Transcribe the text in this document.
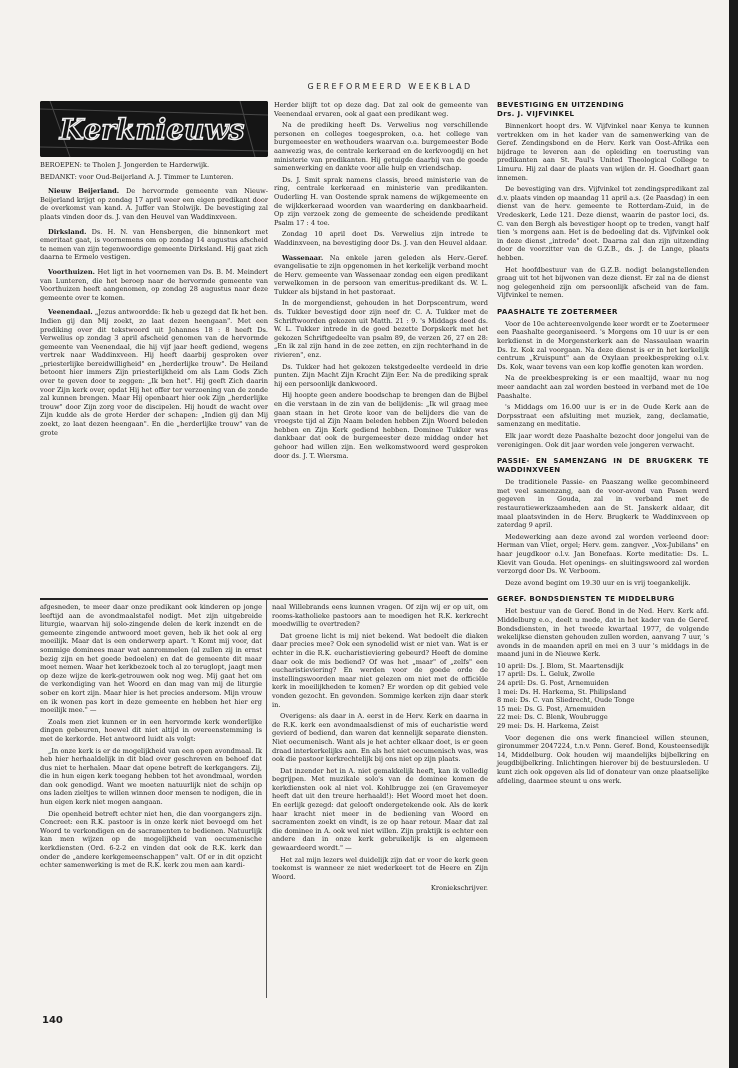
GEREFORMEERD WEEKBLAD
Kerknieuws

BEROEPEN: te Tholen J. Jongerden te Harderwijk.

BEDANKT: voor Oud-Beijerland A. J. Timmer te Lunteren.

Nieuw Beijerland. De hervormde gemeente van Nieuw-Beijerland krijgt op zondag 17 april weer een eigen predikant door de overkomst van kand. A. Juffer van Stolwijk. De bevestiging zal plaats vinden door ds. J. van den Heuvel van Waddinxveen.

Dirksland. Ds. H. N. van Hensbergen, die binnenkort met emeritaat gaat, is voornemens om op zondag 14 augustus afscheid te nemen van zijn tegenwoordige gemeente Dirksland. Hij gaat zich daarna te Ermelo vestigen.

Voorthuizen. Het ligt in het voornemen van Ds. B. M. Meindert van Lunteren, die het beroep naar de hervormde gemeente van Voorthuizen heeft aangenomen, op zondag 28 augustus naar deze gemeente over te komen.

Veenendaal. „Jezus antwoordde: Ik heb u gezegd dat Ik het ben. Indien gij dan Mij zoekt, zo laat dezen heengaan". Met een prediking over dit tekstwoord uit Johannes 18 : 8 heeft Ds. Verwelius op zondag 3 april afscheid genomen van de hervormde gemeente van Veenendaal, die hij vijf jaar heeft gediend, wegens vertrek naar Waddinxveen. Hij heeft daarbij gesproken over „priesterlijke bereidwilligheid" en „herderlijke trouw". De Heiland betoont hier immers Zijn priesterlijkheid om als Lam Gods Zich over te geven door te zeggen: „Ik ben het". Hij geeft Zich daarin voor Zijn kerk over, opdat Hij het offer ter verzoening van de zonde zal kunnen brengen. Maar Hij openbaart hier ook Zijn „herderlijke trouw" door Zijn zorg voor de discipelen. Hij houdt de wacht over Zijn kudde als de grote Herder der schapen: „Indien gij dan Mij zoekt, zo laat dezen heengaan". En die „herderlijke trouw" van de grote

Herder blijft tot op deze dag. Dat zal ook de gemeente van Veenendaal ervaren, ook al gaat een predikant weg.

Na de prediking heeft Ds. Verwelius nog verschillende personen en colleges toegesproken, o.a. het college van burgemeester en wethouders waarvan o.a. burgemeester Bode aanwezig was, de centrale kerkeraad en de kerkvoogdij en het ministerie van predikanten. Hij getuigde daarbij van de goede samenwerking en dankte voor alle hulp en vriendschap.

Ds. J. Smit sprak namens classis, breed ministerie van de ring, centrale kerkeraad en ministerie van predikanten. Ouderling H. van Oostende sprak namens de wijkgemeente en de wijkkerkeraad woorden van waardering en dankbaarheid. Op zijn verzoek zong de gemeente de scheidende predikant Psalm 17 : 4 toe.

Zondag 10 april doet Ds. Verwelius zijn intrede te Waddinxveen, na bevestiging door Ds. J. van den Heuvel aldaar.

Wassenaar. Na enkele jaren geleden als Herv.-Geref. evangelisatie te zijn opgenomen in het kerkelijk verband mocht de Herv. gemeente van Wassenaar zondag een eigen predikant verwelkomen in de persoon van emeritus-predikant ds. W. L. Tukker als bijstand in het pastoraat.

In de morgendienst, gehouden in het Dorpscentrum, werd ds. Tukker bevestigd door zijn neef dr. C. A. Tukker met de Schriftwoorden gekozen uit Matth. 21 : 9. 's Middags deed ds. W. L. Tukker intrede in de goed bezette Dorpskerk met het gekozen Schriftgedeelte van psalm 89, de verzen 26, 27 en 28: „En ik zal zijn hand in de zee zetten, en zijn rechterhand in de rivieren", enz.

Ds. Tukker had het gekozen tekstgedeelte verdeeld in drie punten. Zijn Macht Zijn Kracht Zijn Eer. Na de prediking sprak hij een persoonlijk dankwoord.

Hij hoopte geen andere boodschap te brengen dan de Bijbel en die verstaan in de zin van de belijdenis: „Ik wil graag mee gaan staan in het Grote koor van de belijders die van de vroegste tijd al Zijn Naam beleden hebben Zijn Woord beleden hebben en Zijn Kerk gediend hebben. Dominee Tukker was dankbaar dat ook de burgemeester deze middag onder het gehoor had willen zijn. Een welkomstwoord werd gesproken door ds. J. T. Wiersma.

afgesneden, te meer daar onze predikant ook kinderen op jonge leeftijd aan de avondmaalstafel nodigt. Met zijn uitgebreide liturgie, waarvan hij solo-zingende delen de kerk inzendt en de gemeente zingende antwoord moet geven, heb ik het ook al erg moeilijk. Maar dat is een onderwerp apart. 't Komt mij voor, dat sommige dominees maar wat aanrommelen (al zullen zij in ernst bezig zijn en het goede bedoelen) en dat de gemeente dit maar moet nemen. Waar het kerkbezoek toch al zo teruglopt, jaagt men op deze wijze de kerk-getrouwen ook nog weg. Mij gaat het om de verkondiging van het Woord en dan mag van mij de liturgie sober en kort zijn. Maar hier is het precies andersom. Mijn vrouw en ik wonen pas kort in deze gemeente en hebben het hier erg moeilijk mee." —

Zoals men ziet kunnen er in een hervormde kerk wonderlijke dingen gebeuren, hoewel dit niet altijd in overeenstemming is met de kerkorde. Het antwoord luidt als volgt:

„In onze kerk is er de mogelijkheid van een open avondmaal. Ik heb hier herhaaldelijk in dit blad over geschreven en behoef dat dus niet te herhalen. Maar dat opene betreft de kerkgangers. Zij, die in hun eigen kerk toegang hebben tot het avondmaal, worden dan ook genodigd. Want we moeten natuurlijk niet de schijn op ons laden zieltjes te willen winnen door mensen te nodigen, die in hun eigen kerk niet mogen aangaan.

Die openheid betreft echter niet hen, die dan voorgangers zijn. Concreet: een R.K. pastoor is in onze kerk niet bevoegd om het Woord te verkondigen en de sacramenten te bedienen. Natuurlijk kan men wijzen op de mogelijkheid van oecumenische kerkdiensten (Ord. 6-2-2 en vinden dat ook de R.K. kerk dan onder de „andere kerkgemeenschappen" valt. Of er in dit opzicht echter samenwerking is met de R.K. kerk zou men aan kardi-

naal Willebrands eens kunnen vragen. Of zijn wij er op uit, om rooms-katholieke pastoors aan te moedigen het R.K. kerkrecht moedwillig te overtreden?

Dat groene licht is mij niet bekend. Wat bedoelt die diaken daar precies mee? Ook een synodelid wist er niet van. Wat is er echter in die R.K. eucharistieviering gebeurd? Heeft de domine daar ook de mis bediend? Of was het „maar" of „zelfs" een eucharistieviering? En werden voor de goede orde de instellingswoorden maar niet gelezen om niet met de officiële kerk in moeilijkheden te komen? Er worden op dit gebied vele vonden gezocht. En gevonden. Sommige kerken zijn daar sterk in.

Overigens: als daar in A. eerst in de Herv. Kerk en daarna in de R.K. kerk een avondmaalsdienst of mis of eucharistie werd gevierd of bediend, dan waren dat kennelijk separate diensten. Niet oecumenisch. Want als je het achter elkaar doet, is er geen draad interkerkelijks aan. En als het niet oecumenisch was, was ook die pastoor kerkrechtelijk bij ons niet op zijn plaats.

Dat inzender het in A. niet gemakkelijk heeft, kan ik volledig begrijpen. Met muzikale solo's van de dominee komen de kerkdiensten ook al niet vol. Kohlbrugge zei (en Gravemeyer heeft dat uit den treure herhaald!): Het Woord moet het doen. En eerlijk gezegd: dat gelooft ondergetekende ook. Als de kerk haar kracht niet meer in de bediening van Woord en sacramenten zoekt en vindt, is ze op haar retour. Maar dat zal die dominee in A. ook wel niet willen. Zijn praktijk is echter een andere dan in onze kerk gebruikelijk is en algemeen gewaardeerd wordt." —

Het zal mijn lezers wel duidelijk zijn dat er voor de kerk geen toekomst is wanneer ze niet wederkeert tot de Heere en Zijn Woord.

Kroniekschrijver.

BEVESTIGING EN UITZENDING
Drs. J. VIJFVINKEL

Binnenkort hoopt drs. W. Vijfvinkel naar Kenya te kunnen vertrekken om in het kader van de samenwerking van de Geref. Zendingsbond en de Herv. Kerk van Oost-Afrika een bijdrage te leveren aan de opleiding en toerusting van predikanten aan St. Paul's United Theological College te Limuru. Hij zal daar de plaats van wijlen dr. H. Goedhart gaan innemen.

De bevestiging van drs. Vijfvinkel tot zendingspredikant zal d.v. plaats vinden op maandag 11 april a.s. (2e Paasdag) in een dienst van de herv. gemeente te Rotterdam-Zuid, in de Vredeskerk, Lede 121. Deze dienst, waarin de pastor loci, ds. C. van den Bergh als bevestiger hoopt op te treden, vangt half tien 's morgens aan. Het is de bedoeling dat ds. Vijfvinkel ook in deze dienst „intrede" doet. Daarna zal dan zijn uitzending door de voorzitter van de G.Z.B., ds. J. de Lange, plaats hebben.

Het hoofdbestuur van de G.Z.B. nodigt belangstellenden graag uit tot het bijwonen van deze dienst. Er zal na de dienst nog gelegenheid zijn om persoonlijk afscheid van de fam. Vijfvinkel te nemen.

PAASHALTE TE ZOETERMEER

Voor de 10e achtereenvolgende keer wordt er te Zoetermeer een Paashalte georganiseerd. 's Morgens om 10 uur is er een kerkdienst in de Morgensterkerk aan de Nassaulaan waarin Ds. Iz. Kok zal voorgaan. Na deze dienst is er in het kerkelijk centrum „Kruispunt" aan de Oxylaan preekbespreking o.l.v. Ds. Kok, waar tevens van een kop koffie genoten kan worden.

Na de preekbespreking is er een maaltijd, waar nu nog meer aandacht aan zal worden besteed in verband met de 10e Paashalte.

's Middags om 16.00 uur is er in de Oude Kerk aan de Dorpsstraat een afsluiting met muziek, zang, declamatie, samenzang en meditatie.

Elk jaar wordt deze Paashalte bezocht door jongelui van de verenigingen. Ook dit jaar worden vele jongeren verwacht.

PASSIE- EN SAMENZANG IN DE BRUGKERK TE WADDINXVEEN

De traditionele Passie- en Paaszang welke gecombineerd met veel samenzang, aan de voor-avond van Pasen werd gegeven in Gouda, zal in verband met de restauratiewerkzaamheden aan de St. Janskerk aldaar, dit maal plaatsvinden in de Herv. Brugkerk te Waddinxveen op zaterdag 9 april.

Medewerking aan deze avond zal worden verleend door: Herman van Vliet, orgel; Herv. gem. zangver. „Vox-Jubilans" en haar jeugdkoor o.l.v. Jan Bonefaas. Korte meditatie: Ds. L. Kievit van Gouda. Het openings- en sluitingswoord zal worden verzorgd door Ds. W. Verboom.

Deze avond begint om 19.30 uur en is vrij toegankelijk.

GEREF. BONDSDIENSTEN TE MIDDELBURG

Het bestuur van de Geref. Bond in de Ned. Herv. Kerk afd. Middelburg e.o., deelt u mede, dat in het kader van de Geref. Bondsdiensten, in het tweede kwartaal 1977, de volgende wekelijkse diensten gehouden zullen worden, aanvang 7 uur, 's avonds in de maanden april en mei en 3 uur 's middags in de maand juni in de Nieuwe Kerk.

10 april: Ds. J. Blom, St. Maartensdijk
17 april: Ds. L. Geluk, Zwolle
24 april: Ds. G. Post, Arnemuiden
1 mei: Ds. H. Harkema, St. Philipsland
8 mei: Ds. C. van Sliedrecht, Oude Tonge
15 mei: Ds. G. Post, Arnemuiden
22 mei: Ds. C. Blenk, Woubrugge
29 mei: Ds. H. Harkema, Zeist

Voor degenen die ons werk financieel willen steunen, gironummer 2047224, t.n.v. Penn. Geref. Bond, Kousteensedijk 14, Middelburg. Ook houden wij maandelijks bijbelkring en jeugdbijbelkring. Inlichtingen hierover bij de bestuursleden. U kunt zich ook opgeven als lid of donateur van onze plaatselijke afdeling, daarmee steunt u ons werk.

140
